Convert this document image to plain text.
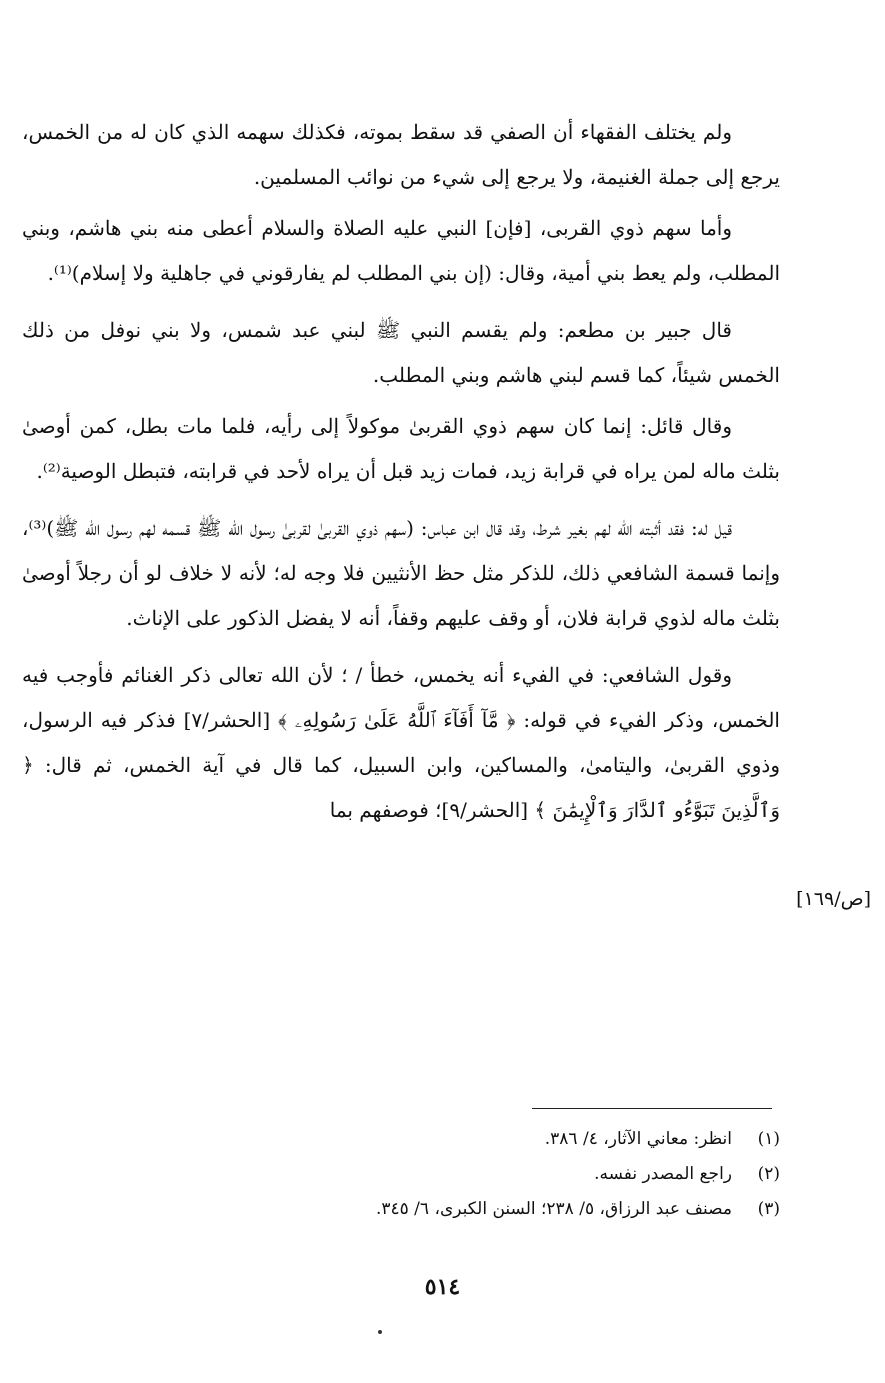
ولم يختلف الفقهاء أن الصفي قد سقط بموته، فكذلك سهمه الذي كان له من الخمس، يرجع إلى جملة الغنيمة، ولا يرجع إلى شيء من نوائب المسلمين.

وأما سهم ذوي القربى، [فإن] النبي عليه الصلاة والسلام أعطى منه بني هاشم، وبني المطلب، ولم يعط بني أمية، وقال: (إن بني المطلب لم يفارقوني في جاهلية ولا إسلام)⁽¹⁾.

قال جبير بن مطعم: ولم يقسم النبي ﷺ لبني عبد شمس، ولا بني نوفل من ذلك الخمس شيئاً، كما قسم لبني هاشم وبني المطلب.

وقال قائل: إنما كان سهم ذوي القربىٰ موكولاً إلى رأيه، فلما مات بطل، كمن أوصىٰ بثلث ماله لمن يراه في قرابة زيد، فمات زيد قبل أن يراه لأحد في قرابته، فتبطل الوصية⁽²⁾.

قيل له: فقد أثبته الله لهم بغير شرط، وقد قال ابن عباس: (سهم ذوي القربىٰ لقربىٰ رسول الله ﷺ قسمه لهم رسول الله ﷺ)⁽³⁾، وإنما قسمة الشافعي ذلك، للذكر مثل حظ الأنثيين فلا وجه له؛ لأنه لا خلاف لو أن رجلاً أوصىٰ بثلث ماله لذوي قرابة فلان، أو وقف عليهم وقفاً، أنه لا يفضل الذكور على الإناث.

وقول الشافعي: في الفيء أنه يخمس، خطأ / ؛ لأن الله تعالى ذكر الغنائم فأوجب فيه الخمس، وذكر الفيء في قوله: ﴿ مَّآ أَفَآءَ ٱللَّهُ عَلَىٰ رَسُولِهِۦ ﴾ [الحشر/٧] فذكر فيه الرسول، وذوي القربىٰ، واليتامىٰ، والمساكين، وابن السبيل، كما قال في آية الخمس، ثم قال: ﴿ وَٱلَّذِينَ تَبَوَّءُو ٱلدَّارَ وَٱلْإِيمَٰنَ ﴾ [الحشر/٩]؛ فوصفهم بما

[ص/١٦٩]
(١)
انظر: معاني الآثار، ٤/ ٣٨٦.
(٢)
راجع المصدر نفسه.
(٣)
مصنف عبد الرزاق، ٥/ ٢٣٨؛ السنن الكبرى، ٦/ ٣٤٥.
٥١٤
